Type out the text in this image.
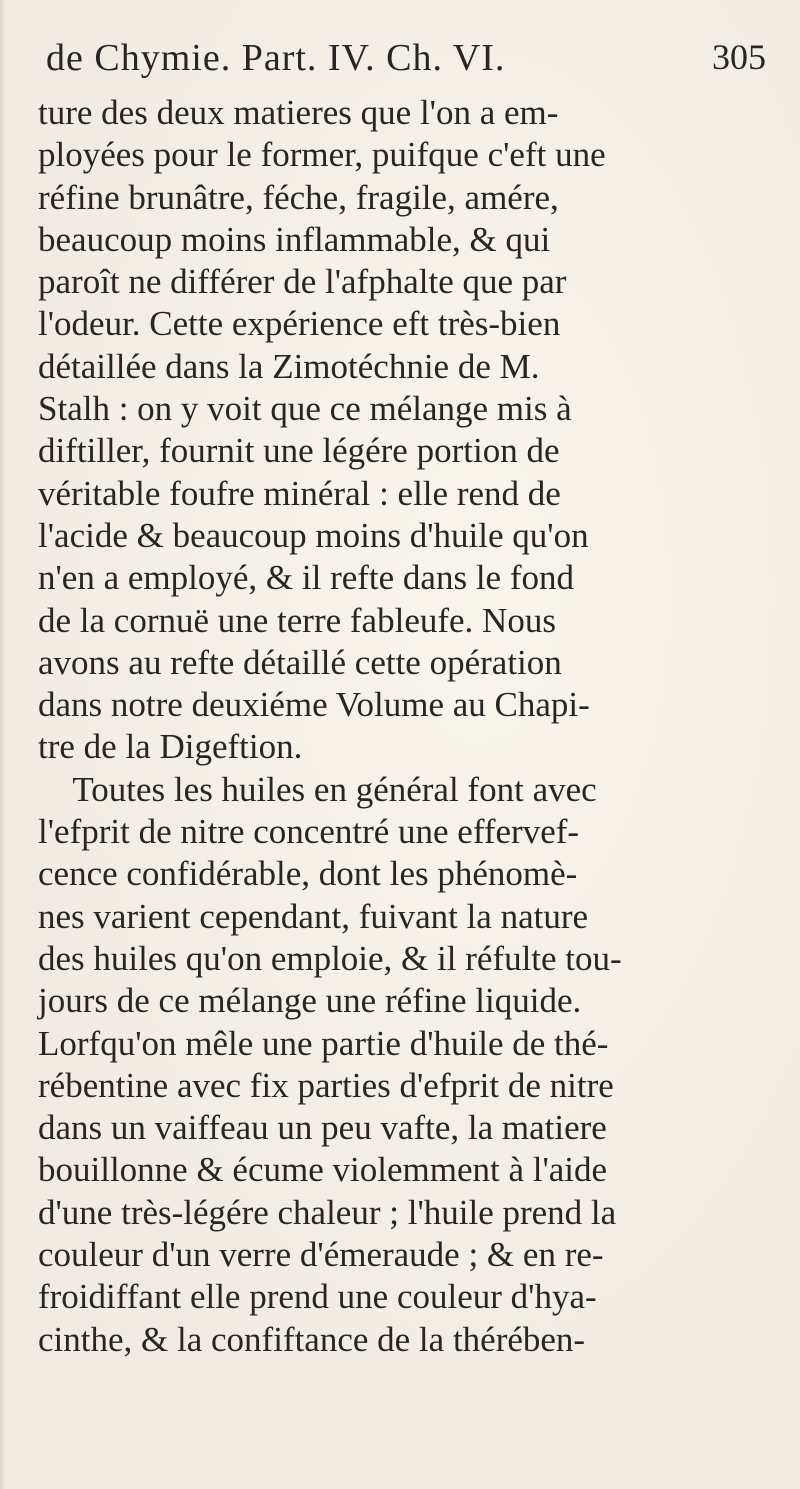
de Chymie. Part. IV. Ch. VI.	305
ture des deux matieres que l'on a em-
ployées pour le former, puifque c'eft une
réfine brunâtre, féche, fragile, amére,
beaucoup moins inflammable, & qui
paroît ne différer de l'afphalte que par
l'odeur. Cette expérience eft très-bien
détaillée dans la Zimotéchnie de M.
Stalh : on y voit que ce mélange mis à
diftiller, fournit une légére portion de
véritable foufre minéral : elle rend de
l'acide & beaucoup moins d'huile qu'on
n'en a employé, & il refte dans le fond
de la cornuë une terre fableufe. Nous
avons au refte détaillé cette opération
dans notre deuxiéme Volume au Chapi-
tre de la Digeftion.
Toutes les huiles en général font avec
l'efprit de nitre concentré une effervef-
cence confidérable, dont les phénomè-
nes varient cependant, fuivant la nature
des huiles qu'on emploie, & il réfulte tou-
jours de ce mélange une réfine liquide.
Lorfqu'on mêle une partie d'huile de thé-
rébentine avec fix parties d'efprit de nitre
dans un vaiffeau un peu vafte, la matiere
bouillonne & écume violemment à l'aide
d'une très-légére chaleur ; l'huile prend la
couleur d'un verre d'émeraude ; & en re-
froidiffant elle prend une couleur d'hya-
cinthe, & la confiftance de la thérében-
